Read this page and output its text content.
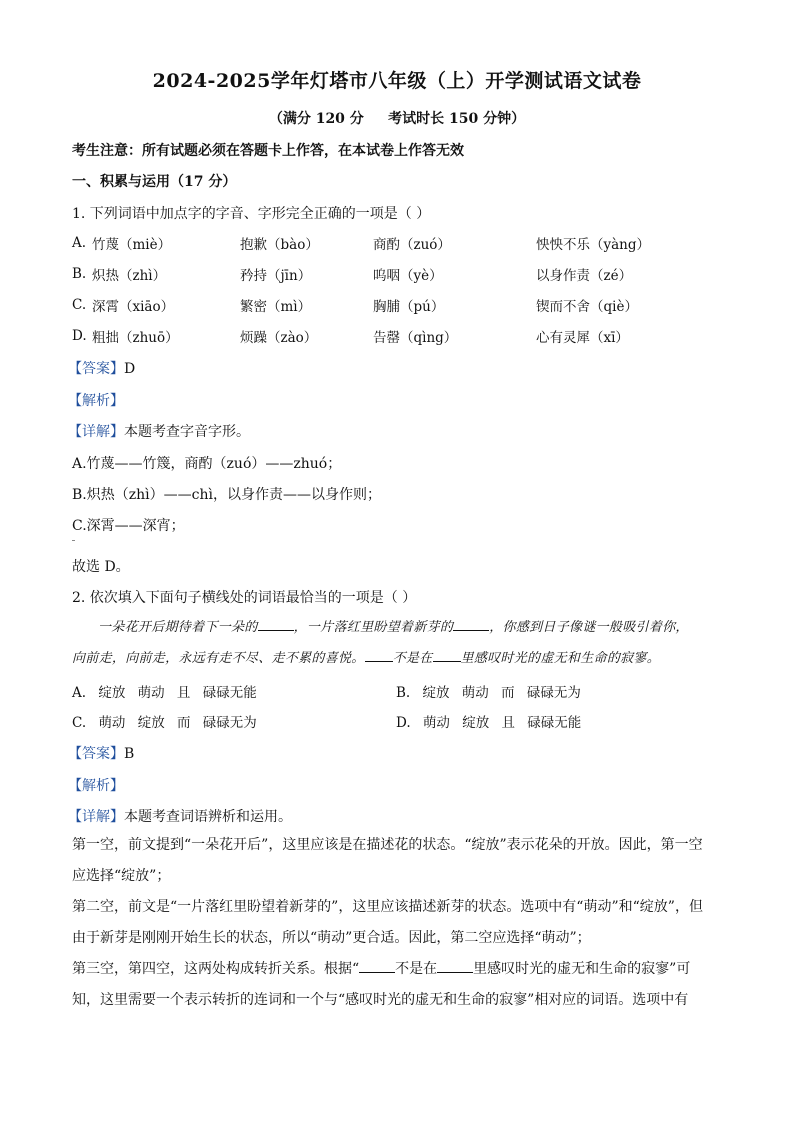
2024-2025学年灯塔市八年级（上）开学测试语文试卷
（满分 120 分     考试时长 150 分钟）
考生注意：所有试题必须在答题卡上作答，在本试卷上作答无效
一、积累与运用（17 分）
1. 下列词语中加点字的字音、字形完全正确的一项是（ ）
A. 竹蔑（miè）	抱歉（bào）	商酌（zuó）	怏怏不乐（yàng）
B. 炽热（zhì）	矜持（jīn）	呜咽（yè）	以身作责（zé）
C. 深霄（xiāo）	繁密（mì）	胸脯（pú）	锲而不舍（qiè）
D. 粗拙（zhuō）	烦躁（zào）	告罄（qìng）	心有灵犀（xī）
【答案】D
【解析】
【详解】本题考查字音字形。
A.竹蔑——竹篾，商酌（zuó）——zhuó；
B.炽热（zhì）——chì，以身作责——以身作则；
C.深霄——深宵；
故选 D。
2. 依次填入下面句子横线处的词语最恰当的一项是（ ）
一朵花开后期待着下一朵的	，一片落红里盼望着新芽的	，你感到日子像谜一般吸引着你，
向前走，向前走，永远有走不尽、走不累的喜悦。 不是在 里感叹时光的虚无和生命的寂寥。
A. 绽放 萌动 且 碌碌无能	B. 绽放 萌动 而 碌碌无为
C. 萌动 绽放 而 碌碌无为	D. 萌动 绽放 且 碌碌无能
【答案】B
【解析】
【详解】本题考查词语辨析和运用。
第一空，前文提到“一朵花开后”，这里应该是在描述花的状态。“绽放”表示花朵的开放。因此，第一空应选择“绽放”；
第二空，前文是“一片落红里盼望着新芽的”，这里应该描述新芽的状态。选项中有“萌动”和“绽放”，但由于新芽是刚刚开始生长的状态，所以“萌动”更合适。因此，第二空应选择“萌动”；
第三空，第四空，这两处构成转折关系。根据“	不是在	里感叹时光的虚无和生命的寂寥”可知，这里需要一个表示转折的连词和一个与“感叹时光的虚无和生命的寂寥”相对应的词语。选项中有
